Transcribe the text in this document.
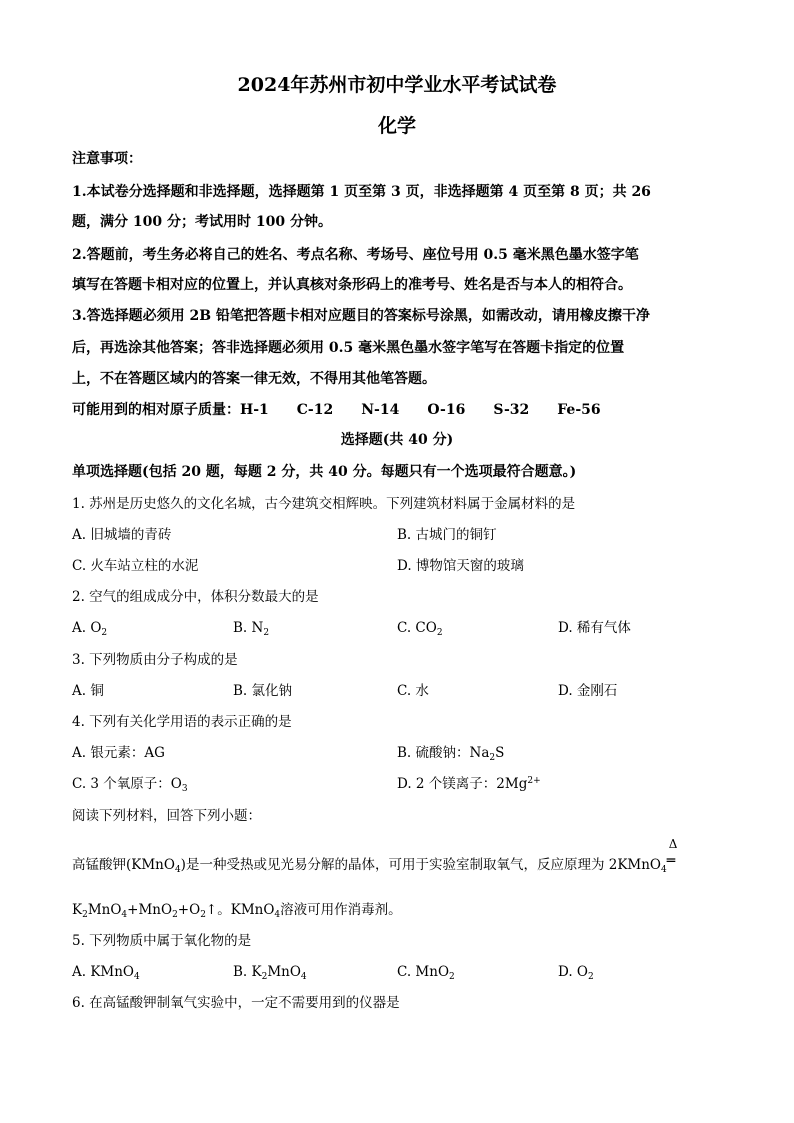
2024年苏州市初中学业水平考试试卷
化学
注意事项：
1.本试卷分选择题和非选择题，选择题第 1 页至第 3 页，非选择题第 4 页至第 8 页；共 26
题，满分 100 分；考试用时 100 分钟。
2.答题前，考生务必将自己的姓名、考点名称、考场号、座位号用 0.5 毫米黑色墨水签字笔
填写在答题卡相对应的位置上，并认真核对条形码上的准考号、姓名是否与本人的相符合。
3.答选择题必须用 2B 铅笔把答题卡相对应题目的答案标号涂黑，如需改动，请用橡皮擦干净
后，再选涂其他答案；答非选择题必须用 0.5 毫米黑色墨水签字笔写在答题卡指定的位置
上，不在答题区域内的答案一律无效，不得用其他笔答题。
可能用到的相对原子质量：H-1 C-12 N-14 O-16 S-32 Fe-56
选择题(共 40 分)
单项选择题(包括 20 题，每题 2 分，共 40 分。每题只有一个选项最符合题意。)
1. 苏州是历史悠久的文化名城，古今建筑交相辉映。下列建筑材料属于金属材料的是
A. 旧城墙的青砖	B. 古城门的铜钉
C. 火车站立柱的水泥	D. 博物馆天窗的玻璃
2. 空气的组成成分中，体积分数最大的是
A. $O_2$	B. $N_2$	C. $CO_2$	D. 稀有气体
3. 下列物质由分子构成的是
A. 铜	B. 氯化钠	C. 水	D. 金刚石
4. 下列有关化学用语的表示正确的是
A. 银元素：AG	B. 硫酸钠：$Na_2S$
C. 3 个氧原子：$O_3$	D. 2 个镁离子：$2Mg^{2+}$
阅读下列材料，回答下列小题：
高锰酸钾(KMnO$_4$)是一种受热或见光易分解的晶体，可用于实验室制取氧气，反应原理为 2KMnO$_4$
Δ
═
$K_2MnO_4+MnO_2+O_2↑$。KMnO$_4$溶液可用作消毒剂。
5. 下列物质中属于氧化物的是
A. KMnO$_4$	B. $K_2MnO_4$	C. MnO$_2$	D. $O_2$
6. 在高锰酸钾制氧气实验中，一定不需要用到的仪器是
